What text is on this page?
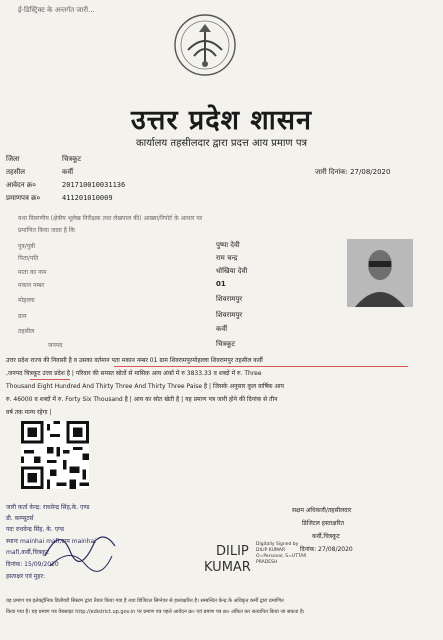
ई-डिस्ट्रिक्ट के अन्तर्गत जारी...
उत्तर प्रदेश शासन
कार्यालय तहसीलदार द्वारा प्रदत्त आय प्रमाण पत्र
जिला	चित्रकूट
तहसील	कर्वी
आवेदन क्र०	201710010031136
प्रमाणपत्र क्र०	411201010009
जारी दिनांक: 27/08/2020
यथा विवरणीय (क्षेत्रीय भूलेख निरीक्षक तथा लेखपाल की) आख्या/रिपोर्ट के आधार पर
प्रमाणित किया जाता है कि
पुत्र/पुत्री	पुष्पा देवी
पिता/पति	राम चन्द्र
माता का नाम	धोखिया देवी
मकान नम्बर	01
मोहल्ला	शिवरामपुर
ग्राम	शिवरामपुर
तहसील	कर्वी
जनपद	चित्रकूट
उत्तर प्रदेश राज्य की निवासी है व उसका वर्तमान पता मकान नम्बर 01 ग्राम शिवरामपुरमोहल्ला शिवरामपुर तहसील कर्वी
,जनपद चित्रकूट उत्तर प्रदेश है | परिवार की समस्त स्रोतों से मासिक आय अंकों में रु 3833.33 व शब्दों में रु. Three
Thousand Eight Hundred And Thirty Three And Thirty Three Paise है | जिसके अनुसार कुल वार्षिक आय
रु. 46000 व शब्दों में रु. Forty Six Thousand है | आय का स्रोत खेती है | यह प्रमाण पत्र जारी होने की दिनांक से तीन
वर्ष तक मान्य रहेगा |
जारी कर्ता केन्द्र: राधवेन्द्र सिंह,के. एण्ड
डी. कम्प्यूटर्स
पदः राधवेन्द्र सिंह, के. एण्ड
स्थानः mainhai mafi,ग्राम mainhai
mafi,कर्वी,चित्रकूट
दिनांक: 15/09/2020
हस्ताक्षर एवं मुहर:
DILIP
KUMAR
Digitally Signed by
DILIP KUMAR
O=Personal, S=UTTAR
PRADESH
सक्षम अधिकारी/तहसीलदार
डिजिटल हस्ताक्षरित
कर्वी,चित्रकूट
दिनांक: 27/08/2020
यह प्रमाण पत्र इलेक्ट्रॉनिक डिलीवरी सिस्टम द्वारा तैयार किया गया है तथा डिजिटल सिग्नेचर से हस्ताक्षरित है। सम्बन्धित केन्द्र के अधिकृत कर्मी द्वारा प्रमाणित
किया गया है। यह प्रमाण पत्र वेबसाइट http://edistrict.up.gov.in पर प्रमाण पत्र पहले आवेदन क्र० एवं प्रमाण पत्र क्र० अंकित कर सत्यापित किया जा सकता है।
